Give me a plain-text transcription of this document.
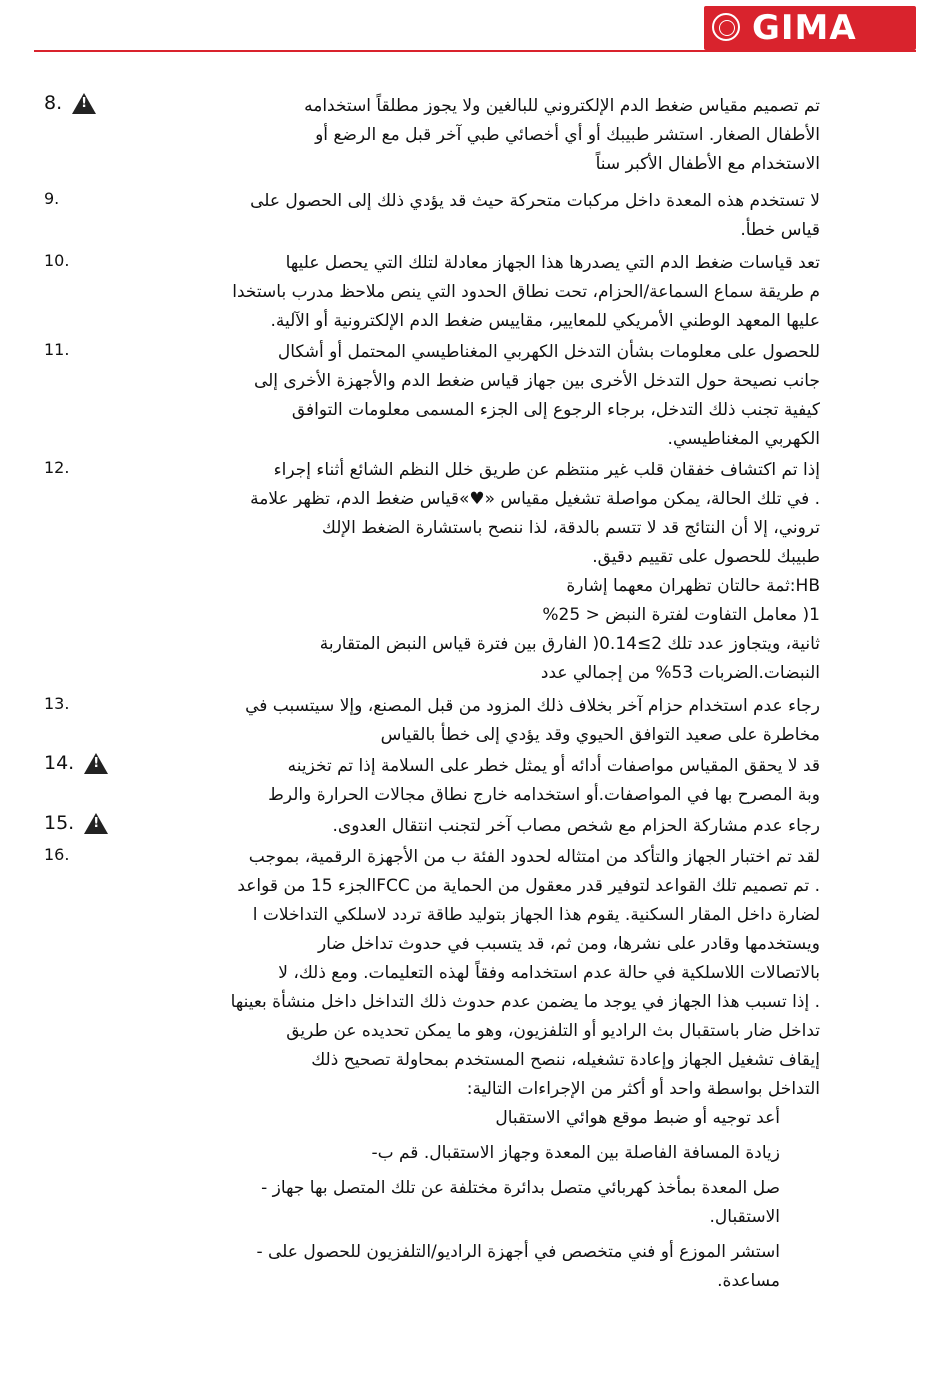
GIMA
8. !	تم تصميم مقياس ضغط الدم الإلكتروني للبالغين ولا يجوز مطلقاً استخدامه
الأطفال الصغار. استشر طبيبك أو أي أخصائي طبي آخر قبل مع الرضع أو
الاستخدام مع الأطفال الأكبر سناً

9.	لا تستخدم هذه المعدة داخل مركبات متحركة حيث قد يؤدي ذلك إلى الحصول على
قياس خطأ.

10.	تعد قياسات ضغط الدم التي يصدرها هذا الجهاز معادلة لتلك التي يحصل عليها
م طريقة سماع السماعة/الحزام، تحت نطاق الحدود التي ينص ملاحظ مدرب باستخدا
عليها المعهد الوطني الأمريكي للمعايير، مقاييس ضغط الدم الإلكترونية أو الآلية.

11.	للحصول على معلومات بشأن التدخل الكهربي المغناطيسي المحتمل أو أشكال
جانب نصيحة حول التدخل الأخرى بين جهاز قياس ضغط الدم والأجهزة الأخرى إلى
كيفية تجنب ذلك التدخل، برجاء الرجوع إلى الجزء المسمى معلومات التوافق
الكهربي المغناطيسي.

12.	إذا تم اكتشاف خفقان قلب غير منتظم عن طريق خلل النظم الشائع أثناء إجراء
. في تلك الحالة، يمكن مواصلة تشغيل مقياس «♥»قياس ضغط الدم، تظهر علامة
تروني، إلا أن النتائج قد لا تتسم بالدقة، لذا ننصح باستشارة الضغط الإلك
طبيبك للحصول على تقييم دقيق.
HB:ثمة حالتان تظهران معهما إشارة

1( معامل التفاوت لفترة النبض < 25%

ثانية، ويتجاوز عدد تلك 2≥0.14( الفارق بين فترة قياس النبض المتقاربة
النبضات.الضربات 53% من إجمالي عدد

13.	رجاء عدم استخدام حزام آخر بخلاف ذلك المزود من قبل المصنع، وإلا سيتسبب في
مخاطرة على صعيد التوافق الحيوي وقد يؤدي إلى خطأ بالقياس

14. !	قد لا يحقق المقياس مواصفات أدائه أو يمثل خطر على السلامة إذا تم تخزينه
وبة المصرح بها في المواصفات.أو استخدامه خارج نطاق مجالات الحرارة والرط

15. !	رجاء عدم مشاركة الحزام مع شخص مصاب آخر لتجنب انتقال العدوى.

16.	لقد تم اختبار الجهاز والتأكد من امتثاله لحدود الفئة ب من الأجهزة الرقمية، بموجب
. تم تصميم تلك القواعد لتوفير قدر معقول من الحماية من FCCالجزء 15 من قواعد
لضارة داخل المقار السكنية. يقوم هذا الجهاز بتوليد طاقة تردد لاسلكي التداخلات ا
ويستخدمها وقادر على نشرها، ومن ثم، قد يتسبب في حدوث تداخل ضار
بالاتصالات اللاسلكية في حالة عدم استخدامه وفقاً لهذه التعليمات. ومع ذلك، لا
. إذا تسبب هذا الجهاز في يوجد ما يضمن عدم حدوث ذلك التداخل داخل منشأة بعينها
تداخل ضار باستقبال بث الراديو أو التلفزيون، وهو ما يمكن تحديده عن طريق
إيقاف تشغيل الجهاز وإعادة تشغيله، ننصح المستخدم بمحاولة تصحيح ذلك
التداخل بواسطة واحد أو أكثر من الإجراءات التالية:

أعد توجيه أو ضبط موقع هوائي الاستقبال

زيادة المسافة الفاصلة بين المعدة وجهاز الاستقبال. قم ب-

صل المعدة بمأخذ كهربائي متصل بدائرة مختلفة عن تلك المتصل بها جهاز -
الاستقبال.

استشر الموزع أو فني متخصص في أجهزة الراديو/التلفزيون للحصول على -
مساعدة.
